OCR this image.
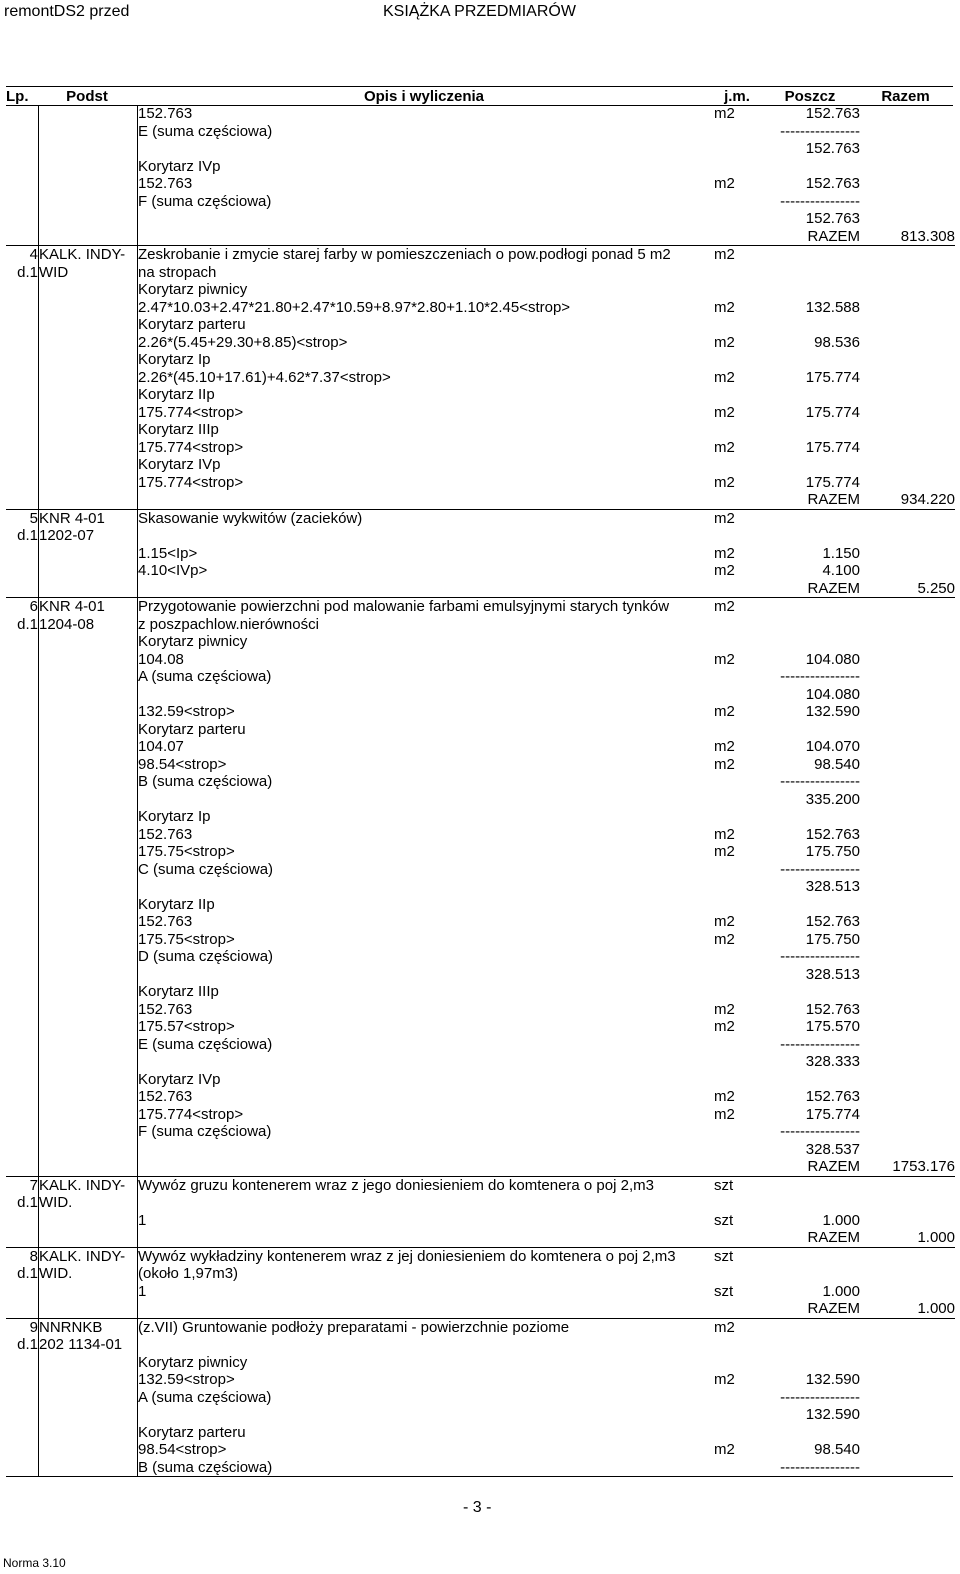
remontDS2 przed	KSIĄŻKA PRZEDMIARÓW
Lp.	Podst	Opis i wyliczenia	j.m.	Poszcz	Razem
		152.763	m2	152.763	
		E (suma częściowa)		----------------	
				152.763	
		Korytarz IVp			
		152.763	m2	152.763	
		F (suma częściowa)		----------------	
				152.763	
				RAZEM	813.308
4	KALK. INDY-	Zeskrobanie i zmycie starej farby w pomieszczeniach o pow.podłogi ponad 5 m2	m2		
d.1	WID	na stropach			
		Korytarz piwnicy			
		2.47*10.03+2.47*21.80+2.47*10.59+8.97*2.80+1.10*2.45<strop>	m2	132.588	
		Korytarz parteru			
		2.26*(5.45+29.30+8.85)<strop>	m2	98.536	
		Korytarz Ip			
		2.26*(45.10+17.61)+4.62*7.37<strop>	m2	175.774	
		Korytarz IIp			
		175.774<strop>	m2	175.774	
		Korytarz IIIp			
		175.774<strop>	m2	175.774	
		Korytarz IVp			
		175.774<strop>	m2	175.774	
				RAZEM	934.220
5	KNR 4-01	Skasowanie wykwitów (zacieków)	m2		
d.1	1202-07				
		1.15<Ip>	m2	1.150	
		4.10<IVp>	m2	4.100	
				RAZEM	5.250
6	KNR 4-01	Przygotowanie powierzchni pod malowanie farbami emulsyjnymi starych tynków	m2		
d.1	1204-08	z poszpachlow.nierówności			
		Korytarz piwnicy			
		104.08	m2	104.080	
		A (suma częściowa)		----------------	
				104.080	
		132.59<strop>	m2	132.590	
		Korytarz parteru			
		104.07	m2	104.070	
		98.54<strop>	m2	98.540	
		B (suma częściowa)		----------------	
				335.200	
		Korytarz Ip			
		152.763	m2	152.763	
		175.75<strop>	m2	175.750	
		C (suma częściowa)		----------------	
				328.513	
		Korytarz IIp			
		152.763	m2	152.763	
		175.75<strop>	m2	175.750	
		D (suma częściowa)		----------------	
				328.513	
		Korytarz IIIp			
		152.763	m2	152.763	
		175.57<strop>	m2	175.570	
		E (suma częściowa)		----------------	
				328.333	
		Korytarz IVp			
		152.763	m2	152.763	
		175.774<strop>	m2	175.774	
		F (suma częściowa)		----------------	
				328.537	
				RAZEM	1753.176
7	KALK. INDY-	Wywóz gruzu kontenerem wraz z jego doniesieniem do komtenera o poj 2,m3	szt		
d.1	WID.				
		1	szt	1.000	
				RAZEM	1.000
8	KALK. INDY-	Wywóz wykładziny kontenerem wraz z jej doniesieniem do komtenera o poj 2,m3	szt		
d.1	WID.	(około 1,97m3)			
		1	szt	1.000	
				RAZEM	1.000
9	NNRNKB	(z.VII) Gruntowanie podłoży preparatami - powierzchnie poziome	m2		
d.1	202 1134-01				
		Korytarz piwnicy			
		132.59<strop>	m2	132.590	
		A (suma częściowa)		----------------	
				132.590	
		Korytarz parteru			
		98.54<strop>	m2	98.540	
		B (suma częściowa)		----------------	
- 3 -
Norma 3.10
